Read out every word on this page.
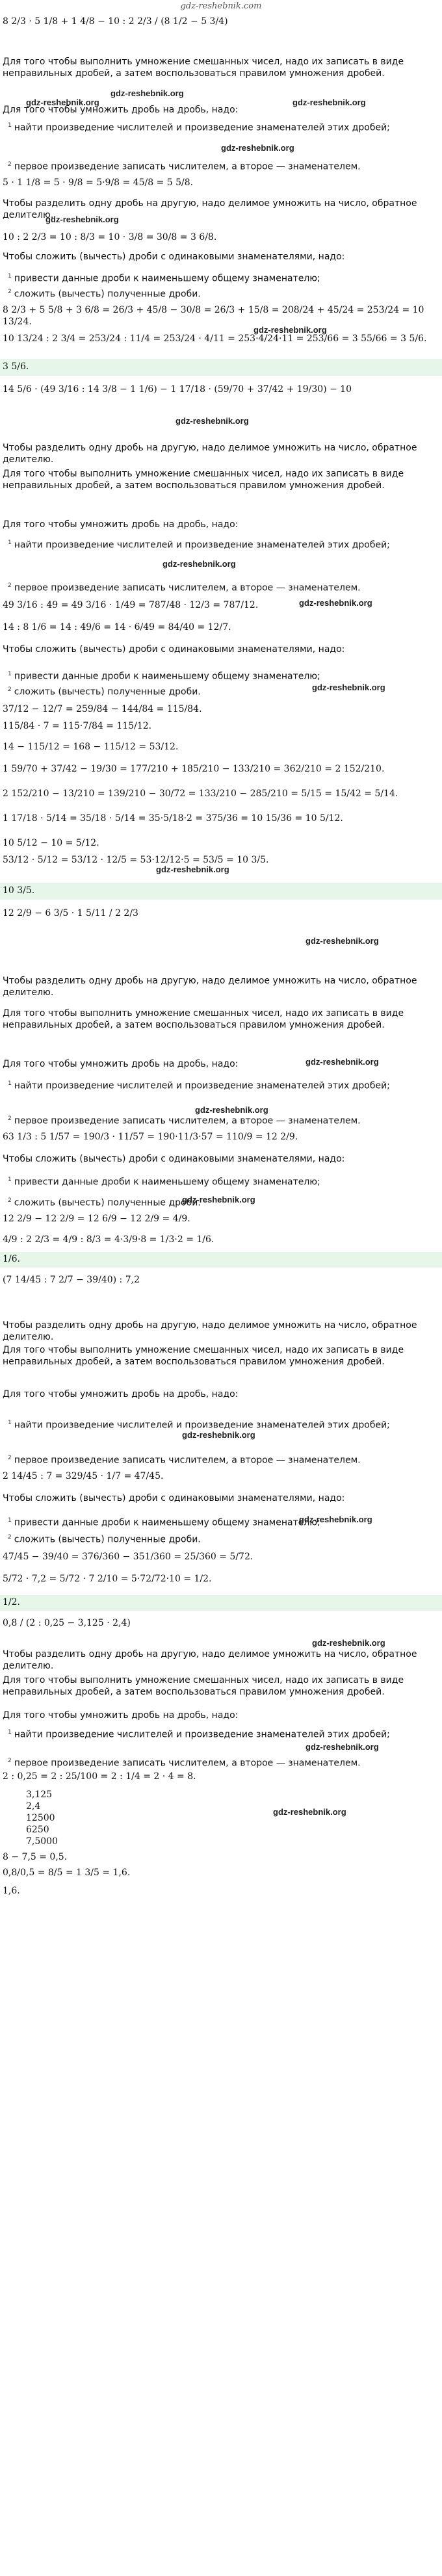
gdz-reshebnik.com
8 2/3 · 5 1/8 + 1 4/8 − 10 : 2 2/3 / (8 1/2 − 5 3/4)
Для того чтобы выполнить умножение смешанных чисел, надо их записать в виде неправильных дробей, а затем воспользоваться правилом умножения дробей.
Для того чтобы умножить дробь на дробь, надо:
$^1$ найти произведение числителей и произведение знаменателей этих дробей;
$^2$ первое произведение записать числителем, а второе — знаменателем.
5 · 1 1/8 = 5 · 9/8 = 5·9/8 = 45/8 = 5 5/8.
Чтобы разделить одну дробь на другую, надо делимое умножить на число, обратное делителю.
10 : 2 2/3 = 10 : 8/3 = 10 · 3/8 = 30/8 = 3 6/8.
Чтобы сложить (вычесть) дроби с одинаковыми знаменателями, надо:
$^1$ привести данные дроби к наименьшему общему знаменателю;
$^2$ сложить (вычесть) полученные дроби.
8 2/3 + 5 5/8 + 3 6/8 = 26/3 + 45/8 − 30/8 = 26/3 + 15/8 = 208/24 + 45/24 = 253/24 = 10 13/24.
10 13/24 : 2 3/4 = 253/24 : 11/4 = 253/24 · 4/11 = 253·4/24·11 = 253/66 = 3 55/66 = 3 5/6.
3 5/6.
14 5/6 · (49 3/16 : 14 3/8 − 1 1/6) − 1 17/18 · (59/70 + 37/42 + 19/30) − 10
Чтобы разделить одну дробь на другую, надо делимое умножить на число, обратное делителю.
Для того чтобы выполнить умножение смешанных чисел, надо их записать в виде неправильных дробей, а затем воспользоваться правилом умножения дробей.
Для того чтобы умножить дробь на дробь, надо:
$^1$ найти произведение числителей и произведение знаменателей этих дробей;
$^2$ первое произведение записать числителем, а второе — знаменателем.
49 3/16 : 49 = 49 3/16 · 1/49 = 787/48 · 12/3 = 787/12.
14 : 8 1/6 = 14 : 49/6 = 14 · 6/49 = 84/40 = 12/7.
Чтобы сложить (вычесть) дроби с одинаковыми знаменателями, надо:
$^1$ привести данные дроби к наименьшему общему знаменателю;
$^2$ сложить (вычесть) полученные дроби.
37/12 − 12/7 = 259/84 − 144/84 = 115/84.
115/84 · 7 = 115·7/84 = 115/12.
14 − 115/12 = 168 − 115/12 = 53/12.
1 59/70 + 37/42 − 19/30 = 177/210 + 185/210 − 133/210 = 362/210 = 2 152/210.
2 152/210 − 13/210 = 139/210 − 30/72 = 133/210 − 285/210 = 5/15 = 15/42 = 5/14.
1 17/18 · 5/14 = 35/18 · 5/14 = 35·5/18·2 = 375/36 = 10 15/36 = 10 5/12.
10 5/12 − 10 = 5/12.
53/12 · 5/12 = 53/12 · 12/5 = 53·12/12·5 = 53/5 = 10 3/5.
10 3/5.
12 2/9 − 6 3/5 · 1 5/11 / 2 2/3
Чтобы разделить одну дробь на другую, надо делимое умножить на число, обратное делителю.
Для того чтобы выполнить умножение смешанных чисел, надо их записать в виде неправильных дробей, а затем воспользоваться правилом умножения дробей.
Для того чтобы умножить дробь на дробь, надо:
$^1$ найти произведение числителей и произведение знаменателей этих дробей;
$^2$ первое произведение записать числителем, а второе — знаменателем.
63 1/3 : 5 1/57 = 190/3 · 11/57 = 190·11/3·57 = 110/9 = 12 2/9.
Чтобы сложить (вычесть) дроби с одинаковыми знаменателями, надо:
$^1$ привести данные дроби к наименьшему общему знаменателю;
$^2$ сложить (вычесть) полученные дроби.
12 2/9 − 12 2/9 = 12 6/9 − 12 2/9 = 4/9.
4/9 : 2 2/3 = 4/9 : 8/3 = 4·3/9·8 = 1/3·2 = 1/6.
1/6.
(7 14/45 : 7 2/7 − 39/40) : 7,2
Чтобы разделить одну дробь на другую, надо делимое умножить на число, обратное делителю.
Для того чтобы выполнить умножение смешанных чисел, надо их записать в виде неправильных дробей, а затем воспользоваться правилом умножения дробей.
Для того чтобы умножить дробь на дробь, надо:
$^1$ найти произведение числителей и произведение знаменателей этих дробей;
$^2$ первое произведение записать числителем, а второе — знаменателем.
2 14/45 : 7 = 329/45 · 1/7 = 47/45.
Чтобы сложить (вычесть) дроби с одинаковыми знаменателями, надо:
$^1$ привести данные дроби к наименьшему общему знаменателю;
$^2$ сложить (вычесть) полученные дроби.
47/45 − 39/40 = 376/360 − 351/360 = 25/360 = 5/72.
5/72 · 7,2 = 5/72 · 7 2/10 = 5·72/72·10 = 1/2.
1/2.
0,8 / (2 : 0,25 − 3,125 · 2,4)
Чтобы разделить одну дробь на другую, надо делимое умножить на число, обратное делителю.
Для того чтобы выполнить умножение смешанных чисел, надо их записать в виде неправильных дробей, а затем воспользоваться правилом умножения дробей.
Для того чтобы умножить дробь на дробь, надо:
$^1$ найти произведение числителей и произведение знаменателей этих дробей;
$^2$ первое произведение записать числителем, а второе — знаменателем.
2 : 0,25 = 2 : 25/100 = 2 : 1/4 = 2 · 4 = 8.
3,125
2,4
12500
6250
7,5000
8 − 7,5 = 0,5.
0,8/0,5 = 8/5 = 1 3/5 = 1,6.
1,6.
gdz-reshebnik.org
gdz-reshebnik.org	gdz-reshebnik.org
gdz-reshebnik.org
gdz-reshebnik.org
gdz-reshebnik.org
gdz-reshebnik.org
gdz-reshebnik.org
gdz-reshebnik.org
gdz-reshebnik.org
gdz-reshebnik.org
gdz-reshebnik.org
gdz-reshebnik.org
gdz-reshebnik.org
gdz-reshebnik.org
gdz-reshebnik.org
gdz-reshebnik.org
gdz-reshebnik.org
gdz-reshebnik.org
gdz-reshebnik.org
